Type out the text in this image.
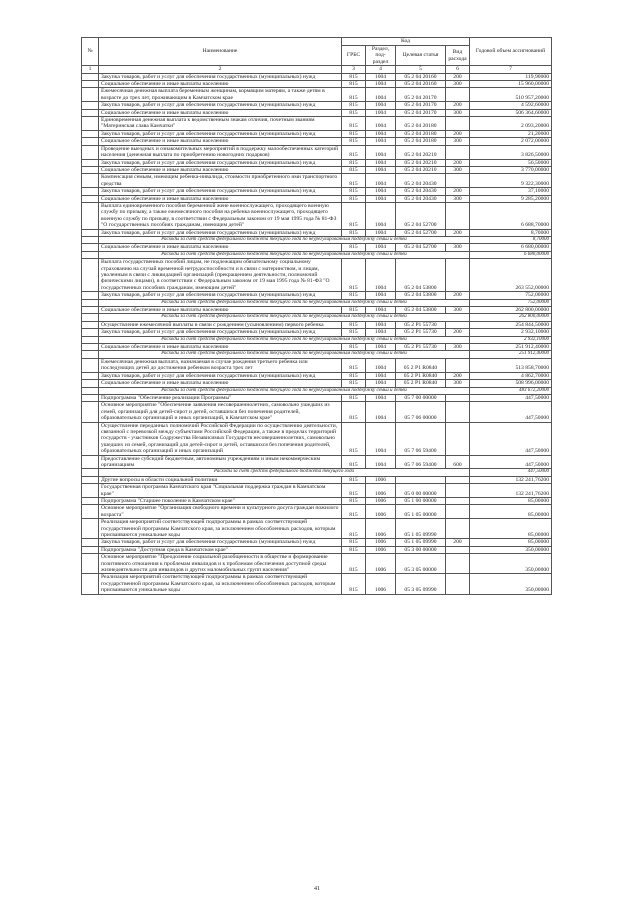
№	Наименование	Код				Годовой объем ассигнований
		ГРБС	Раздел, под-раздел	Целевая статья	Вид расхода	
1	2	3	4	5	6	7
	Закупка товаров, работ и услуг для обеспечения государственных (муниципальных) нужд	815	1004	05 2 04 20160	200	119,90000
	Социальное обеспечение и иные выплаты населению	815	1004	05 2 04 20160	300	15 960,00000
	Ежемесячная денежная выплата беременным женщинам, кормящим матерям, а также детям в возрасте до трех лет, проживающим в Камчатском крае	815	1004	05 2 04 20170		510 957,20000
	Закупка товаров, работ и услуг для обеспечения государственных (муниципальных) нужд	815	1004	05 2 04 20170	200	4 592,60000
	Социальное обеспечение и иные выплаты населению	815	1004	05 2 04 20170	300	506 364,60000
	Единовременная денежная выплата к ведомственным знакам отличия, почетным званиям "Материнская слава Камчатки"	815	1004	05 2 04 20180		2 093,20000
	Закупка товаров, работ и услуг для обеспечения государственных (муниципальных) нужд	815	1004	05 2 04 20180	200	21,20000
	Социальное обеспечение и иные выплаты населению	815	1004	05 2 04 20180	300	2 072,00000
	Проведение выездных и ознакомительных мероприятий в поддержку малообеспеченных категорий населения (денежная выплата по приобретению новогодних подарков)	815	1004	05 2 04 20210		3 826,50000
	Закупка товаров, работ и услуг для обеспечения государственных (муниципальных) нужд	815	1004	05 2 04 20210	200	56,50000
	Социальное обеспечение и иные выплаты населению	815	1004	05 2 04 20210	300	3 770,00000
	Компенсация семьям, имеющим ребенка-инвалида, стоимости приобретенного ими транспортного средства	815	1004	05 2 04 20430		9 322,30000
	Закупка товаров, работ и услуг для обеспечения государственных (муниципальных) нужд	815	1004	05 2 04 20430	200	37,10000
	Социальное обеспечение и иные выплаты населению	815	1004	05 2 04 20430	300	9 285,20000
	Выплата единовременного пособия беременной жене военнослужащего, проходящего военную службу по призыву, а также ежемесячного пособия на ребенка военнослужащего, проходящего военную службу по призыву, в соответствии с Федеральным законом от 19 мая 1995 года № 81-ФЗ "О государственных пособиях гражданам, имеющим детей"	815	1004	05 2 04 52700		6 688,70000
	Закупка товаров, работ и услуг для обеспечения государственных (муниципальных) нужд	815	1004	05 2 04 52700	200	8,70000
	Расходы за счет средств федерального бюджета текущего года по неурегулированным поддержку семьи и детей					8,70000
	Социальное обеспечение и иные выплаты населению	815	1004	05 2 04 52700	300	6 680,00000
	Расходы за счет средств федерального бюджета текущего года по неурегулированным поддержку семьи и детей					6 680,00000
	Выплата государственных пособий лицам, не подлежащим обязательному социальному страхованию на случай временной нетрудоспособности и в связи с материнством, и лицам, уволенным в связи с ликвидацией организаций (прекращением деятельности, полномочий физическими лицами), в соответствии с Федеральным законом от 19 мая 1995 года № 81-ФЗ "О государственных пособиях гражданам, имеющим детей"	815	1004	05 2 04 53800		263 552,00000
	Закупка товаров, работ и услуг для обеспечения государственных (муниципальных) нужд	815	1004	05 2 04 53800	200	752,00000
	Расходы за счет средств федерального бюджета текущего года по неурегулированным поддержку семьи и детей					752,00000
	Социальное обеспечение и иные выплаты населению	815	1004	05 2 04 53800	300	262 800,00000
	Расходы за счет средств федерального бюджета текущего года по неурегулированным поддержку семьи и детей					262 800,00000
	Осуществление ежемесячной выплаты в связи с рождением (усыновлением) первого ребенка	815	1004	05 2 P1 55730		254 844,50000
	Закупка товаров, работ и услуг для обеспечения государственных (муниципальных) нужд	815	1004	05 2 P1 55730	200	2 932,10000
	Расходы за счет средств федерального бюджета текущего года по неурегулированным поддержку семьи и детей					2 932,10000
	Социальное обеспечение и иные выплаты населению	815	1004	05 2 P1 55730	300	251 912,40000
	Расходы за счет средств федерального бюджета текущего года по неурегулированным поддержку семьи и детей					251 912,40000
	Ежемесячная денежная выплата, назначаемая в случае рождения третьего ребенка или последующих детей до достижения ребенком возраста трех лет	815	1004	05 2 P1 R0840		513 858,70000
	Закупка товаров, работ и услуг для обеспечения государственных (муниципальных) нужд	815	1004	05 2 P1 R0840	200	4 862,70000
	Социальное обеспечение и иные выплаты населению	815	1004	05 2 P1 R0840	300	508 996,00000
	Расходы за счет средств федерального бюджета текущего года по неурегулированным поддержку семьи и детей					483 672,20000
	Подпрограмма "Обеспечение реализации Программы"	815	1004	05 7 00 00000		447,50000
	Основное мероприятие "Обеспечение заявления несовершеннолетних, самовольно ушедших из семей, организаций для детей-сирот и детей, оставшихся без попечения родителей, образовательных организаций и иных организаций, в Камчатском крае"	815	1004	05 7 06 00000		447,50000
	Осуществление переданных полномочий Российской Федерации по осуществлению деятельности, связанной с перевозкой между субъектами Российской Федерации, а также в пределах территорий государств - участников Содружества Независимых Государств несовершеннолетних, самовольно ушедших из семей, организаций для детей-сирот и детей, оставшихся без попечения родителей, образовательных организаций и иных организаций	815	1004	05 7 06 59400		447,50000
	Предоставление субсидий бюджетным, автономным учреждениям и иным некоммерческим организациям	815	1004	05 7 06 59400	600	447,50000
	Расходы за счет средств федерального бюджета текущего года					447,50000
	Другие вопросы в области социальной политики	815	1006			132 241,76200
	Государственная программа Камчатского края "Социальная поддержка граждан в Камчатском крае"	815	1006	05 0 00 00000		132 241,76200
	Подпрограмма "Старшее поколение в Камчатском крае"	815	1006	05 1 00 00000		85,00000
	Основное мероприятие "Организация свободного времени и культурного досуга граждан пожилого возраста"	815	1006	05 1 05 00000		85,00000
	Реализация мероприятий соответствующей подпрограммы в рамках соответствующей государственной программы Камчатского края, за исключением обособленных расходов, которым присваиваются уникальные коды	815	1006	05 1 05 09990		85,00000
	Закупка товаров, работ и услуг для обеспечения государственных (муниципальных) нужд	815	1006	05 1 05 09990	200	85,00000
	Подпрограмма "Доступная среда в Камчатском крае"	815	1006	05 3 00 00000		350,00000
	Основное мероприятие "Преодоление социальной разобщенности в обществе и формирование позитивного отношения к проблемам инвалидов и к проблемам обеспечения доступной среды жизнедеятельности для инвалидов и других маломобильных групп населения"	815	1006	05 3 05 00000		350,00000
	Реализация мероприятий соответствующей подпрограммы в рамках соответствующей государственной программы Камчатского края, за исключением обособленных расходов, которым присваиваются уникальные коды	815	1006	05 3 05 09990		350,00000
41
